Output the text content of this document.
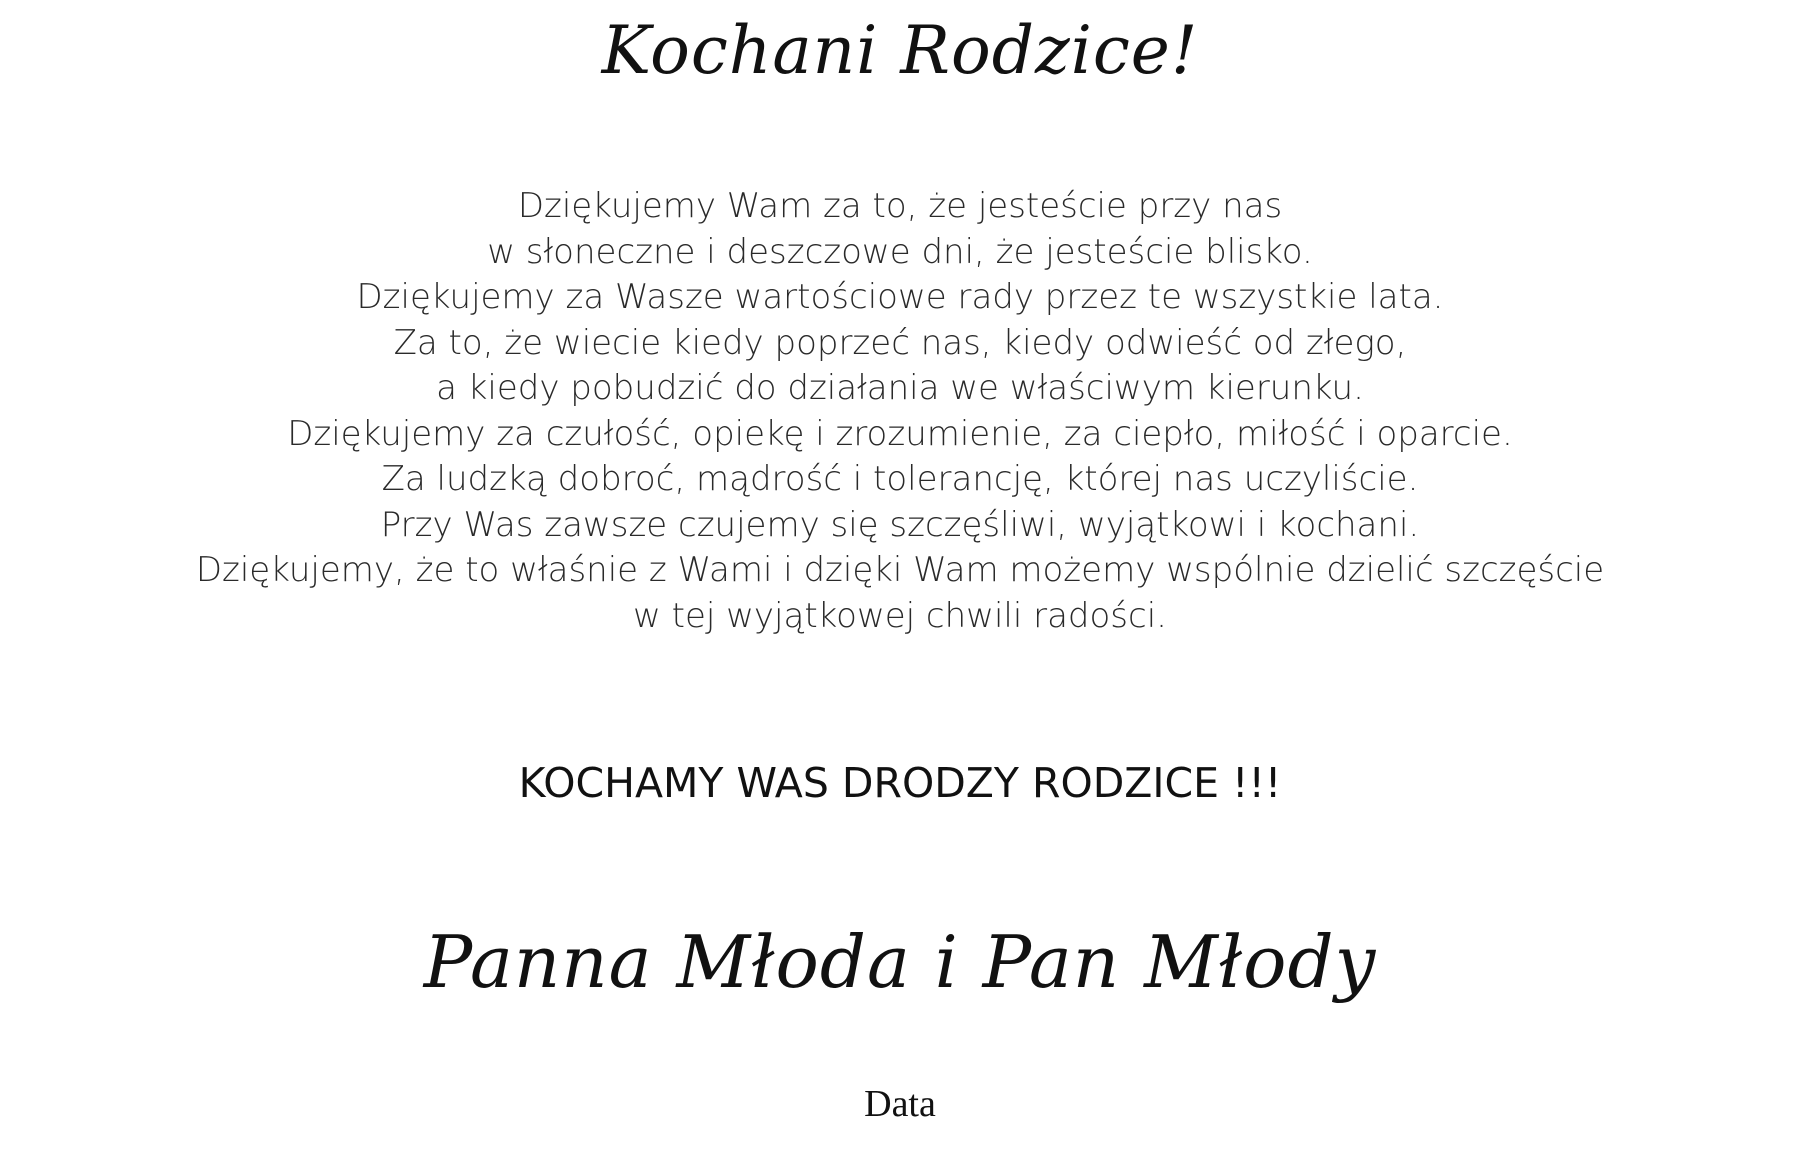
Kochani Rodzice!
Dziękujemy Wam za to, że jesteście przy nas
w słoneczne i deszczowe dni, że jesteście blisko.
Dziękujemy za Wasze wartościowe rady przez te wszystkie lata.
Za to, że wiecie kiedy poprzeć nas, kiedy odwieść od złego,
a kiedy pobudzić do działania we właściwym kierunku.
Dziękujemy za czułość, opiekę i zrozumienie, za ciepło, miłość i oparcie.
Za ludzką dobroć, mądrość i tolerancję, której nas uczyliście.
Przy Was zawsze czujemy się szczęśliwi, wyjątkowi i kochani.
Dziękujemy, że to właśnie z Wami i dzięki Wam możemy wspólnie dzielić szczęście
w tej wyjątkowej chwili radości.
KOCHAMY WAS DRODZY RODZICE !!!
Panna Młoda i Pan Młody
Data
